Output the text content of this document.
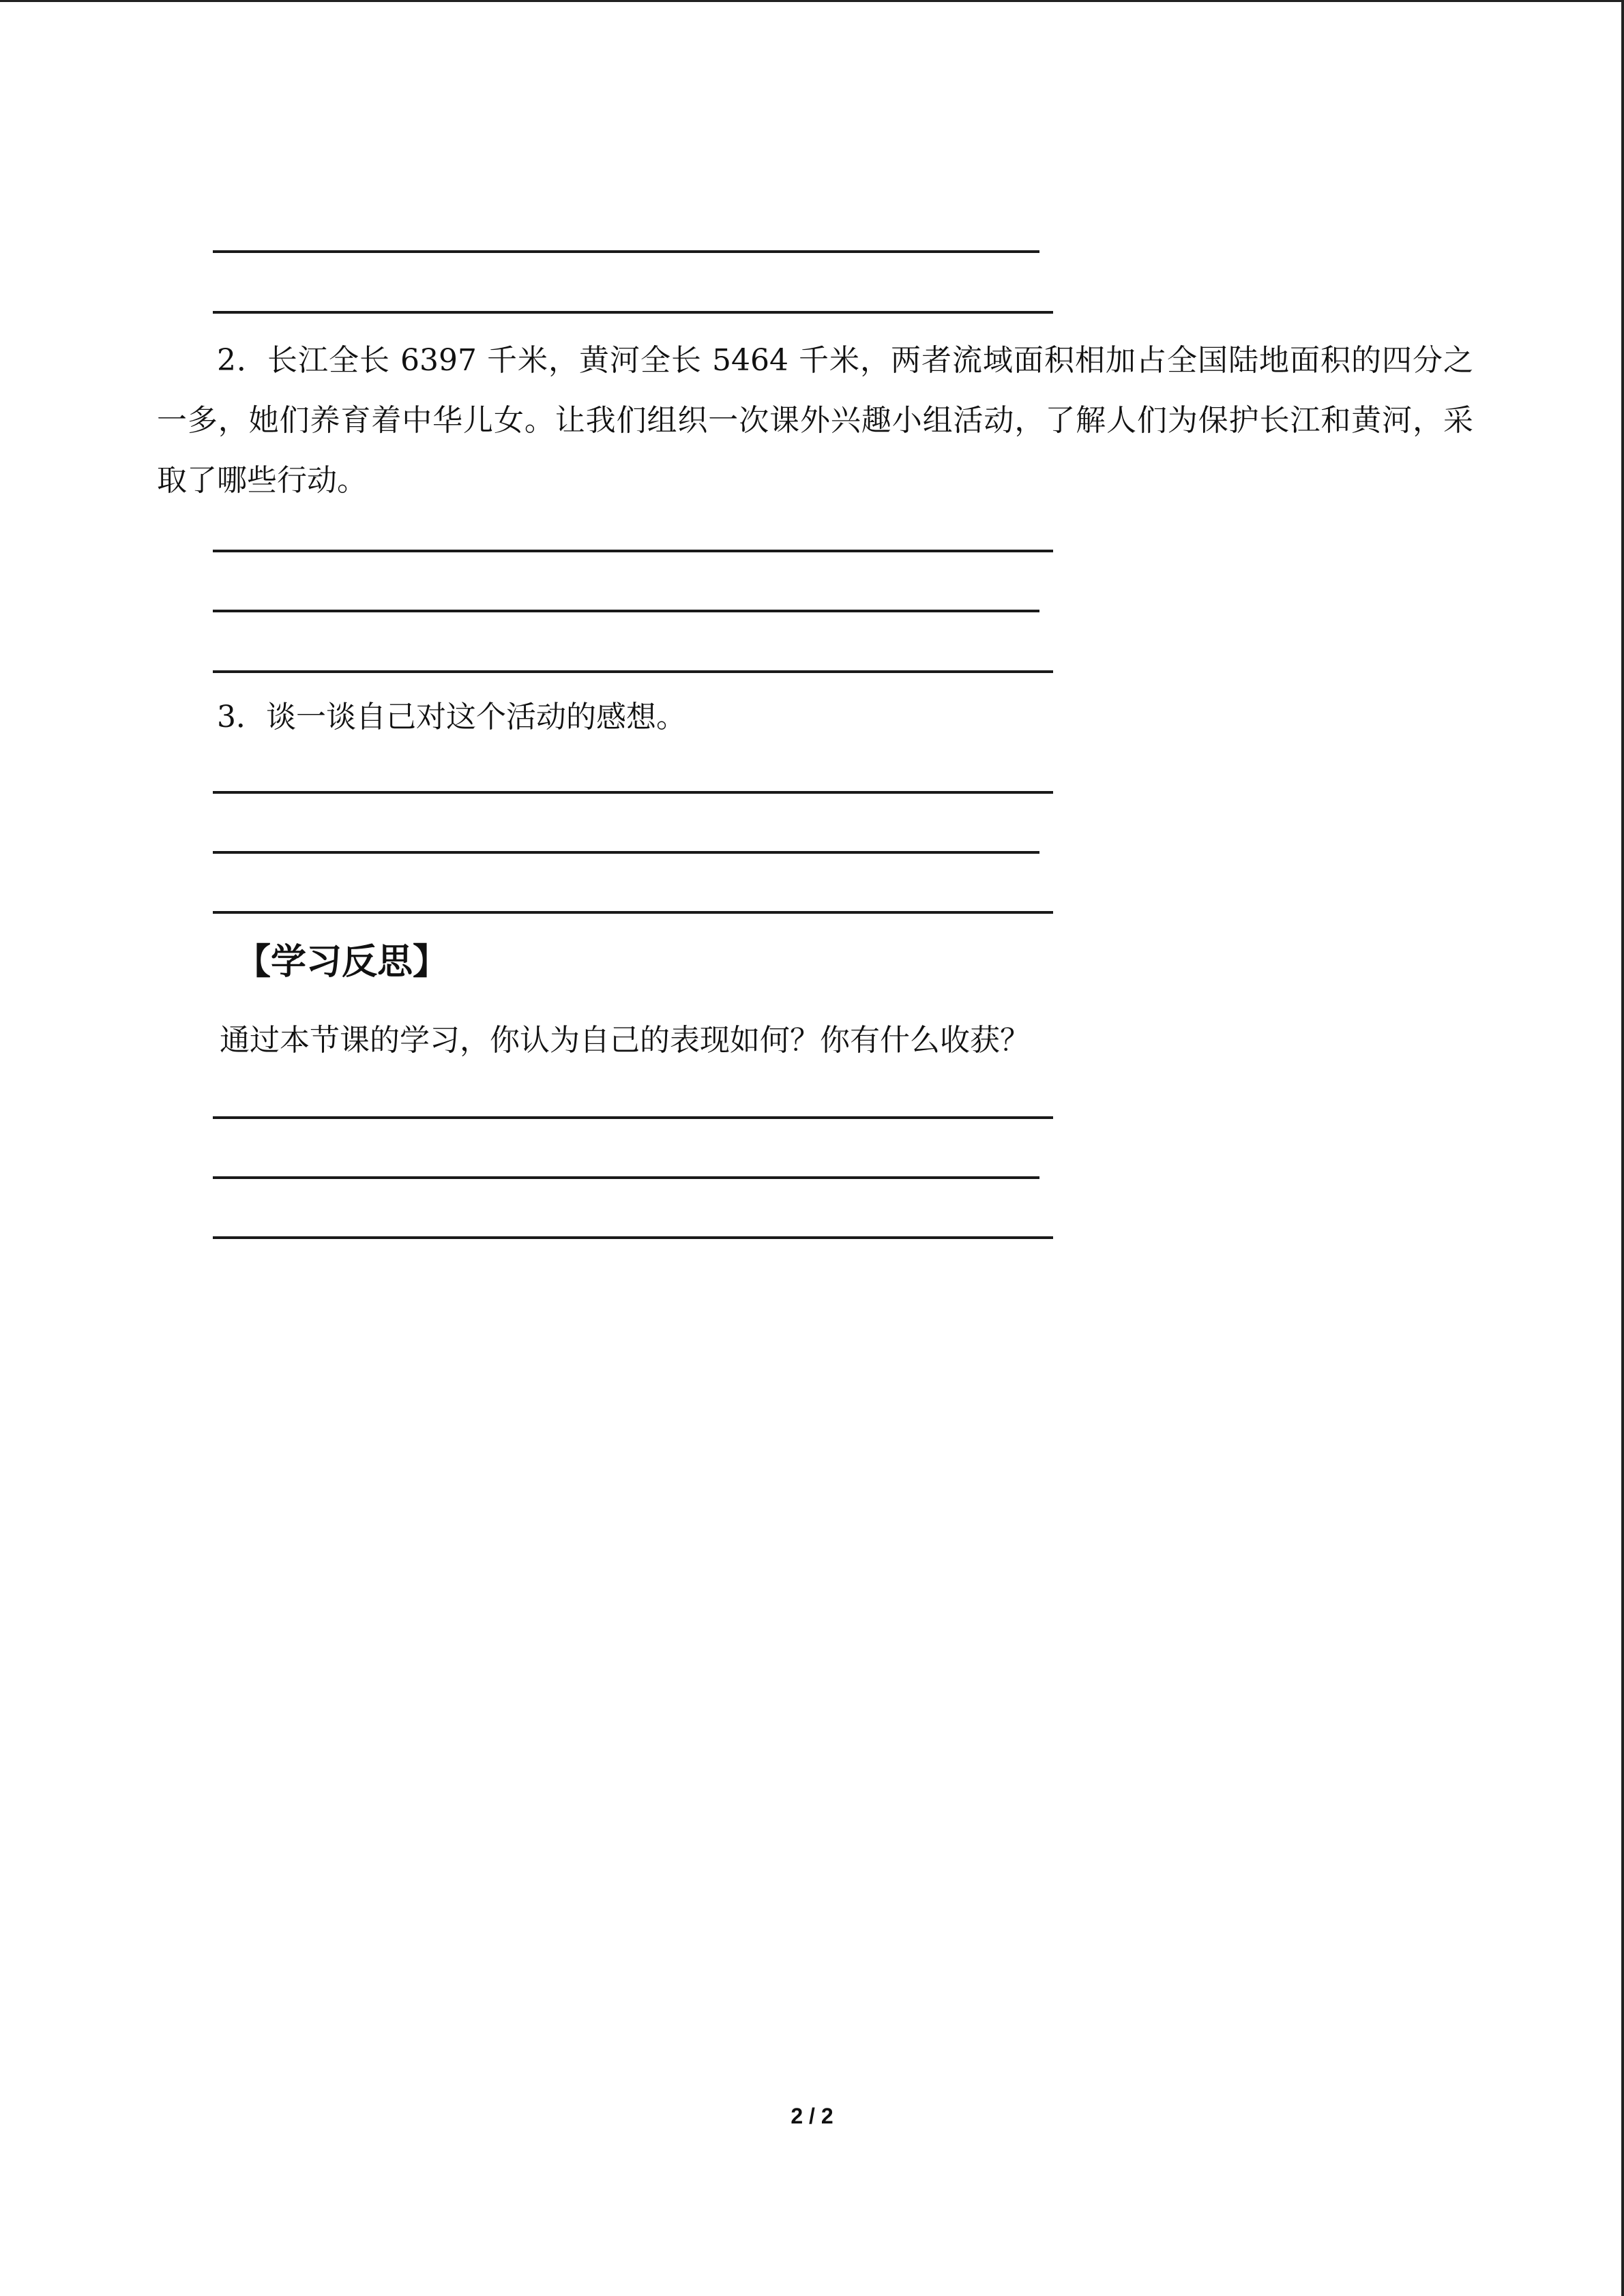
2．长江全长 6397 千米，黄河全长 5464 千米，两者流域面积相加占全国陆地面积的四分之一多，她们养育着中华儿女。让我们组织一次课外兴趣小组活动，了解人们为保护长江和黄河，采取了哪些行动。

3．谈一谈自己对这个活动的感想。

【学习反思】

通过本节课的学习，你认为自己的表现如何？你有什么收获？

2 / 2
